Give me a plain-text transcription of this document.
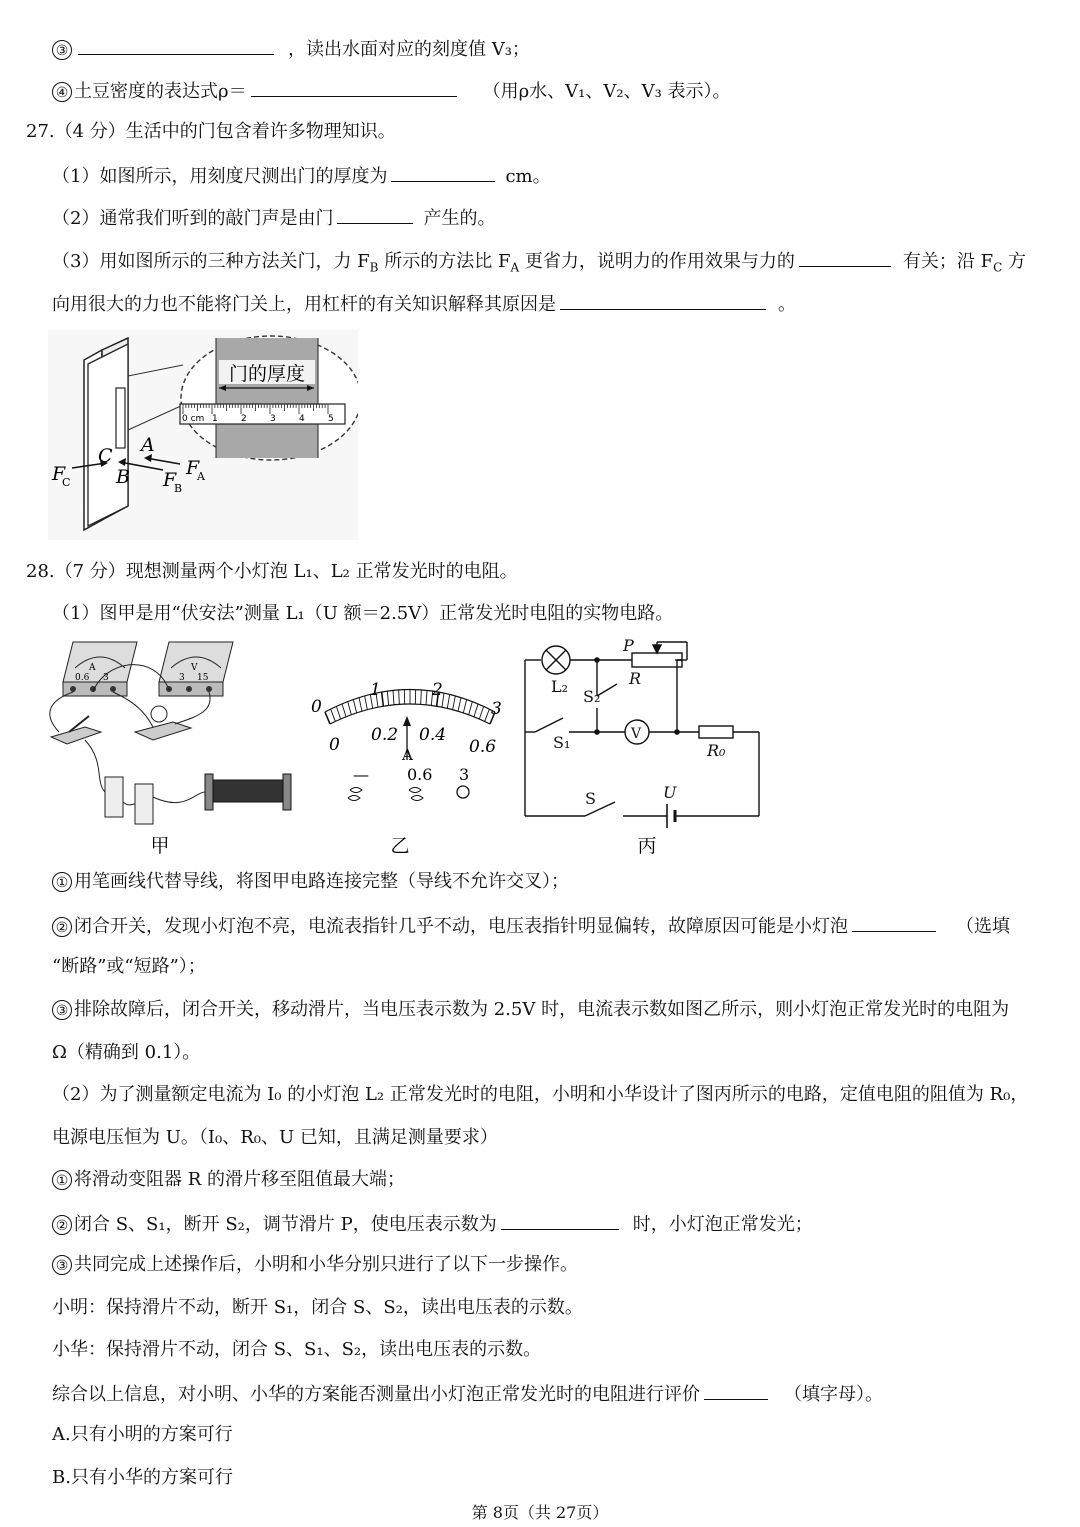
③	，读出水面对应的刻度值 V₃；
④ 土豆密度的表达式ρ＝	（用ρ水、V₁、V₂、V₃ 表示）。
27.（4 分）生活中的门包含着许多物理知识。
（1）如图所示，用刻度尺测出门的厚度为	cm。
（2）通常我们听到的敲门声是由门	产生的。
（3）用如图所示的三种方法关门，力 $F_B$ 所示的方法比 $F_A$ 更省力，说明力的作用效果与力的	有关；沿 $F_C$ 方
向用很大的力也不能将门关上，用杠杆的有关知识解释其原因是	。
门的厚度
0 cm 1	2	3	4	5
F
C
C
B
A
F
B
F
A
28.（7 分）现想测量两个小灯泡 L₁、L₂ 正常发光时的电阻。
（1）图甲是用“伏安法”测量 L₁（U 额＝2.5V）正常发光时电阻的实物电路。
A
0.6 3
V
3 15
甲
0
1	2
3
0 0.2 0.4
0.6
A
— 0.6 3
乙
P
R
L₂
S₂
V
S₁	R₀
S	U
丙
① 用笔画线代替导线，将图甲电路连接完整（导线不允许交叉）；
② 闭合开关，发现小灯泡不亮，电流表指针几乎不动，电压表指针明显偏转，故障原因可能是小灯泡	（选填
“断路”或“短路”）；
③ 排除故障后，闭合开关，移动滑片，当电压表示数为 2.5V 时，电流表示数如图乙所示，则小灯泡正常发光时的电阻为
Ω（精确到 0.1）。
（2）为了测量额定电流为 I₀ 的小灯泡 L₂ 正常发光时的电阻，小明和小华设计了图丙所示的电路，定值电阻的阻值为 R₀，
电源电压恒为 U。（I₀、R₀、U 已知，且满足测量要求）
① 将滑动变阻器 R 的滑片移至阻值最大端；
② 闭合 S、S₁，断开 S₂，调节滑片 P，使电压表示数为	时，小灯泡正常发光；
③ 共同完成上述操作后，小明和小华分别只进行了以下一步操作。
小明：保持滑片不动，断开 S₁，闭合 S、S₂，读出电压表的示数。
小华：保持滑片不动，闭合 S、S₁、S₂，读出电压表的示数。
综合以上信息，对小明、小华的方案能否测量出小灯泡正常发光时的电阻进行评价	（填字母）。
A.只有小明的方案可行
B.只有小华的方案可行
第 8页（共 27页）
